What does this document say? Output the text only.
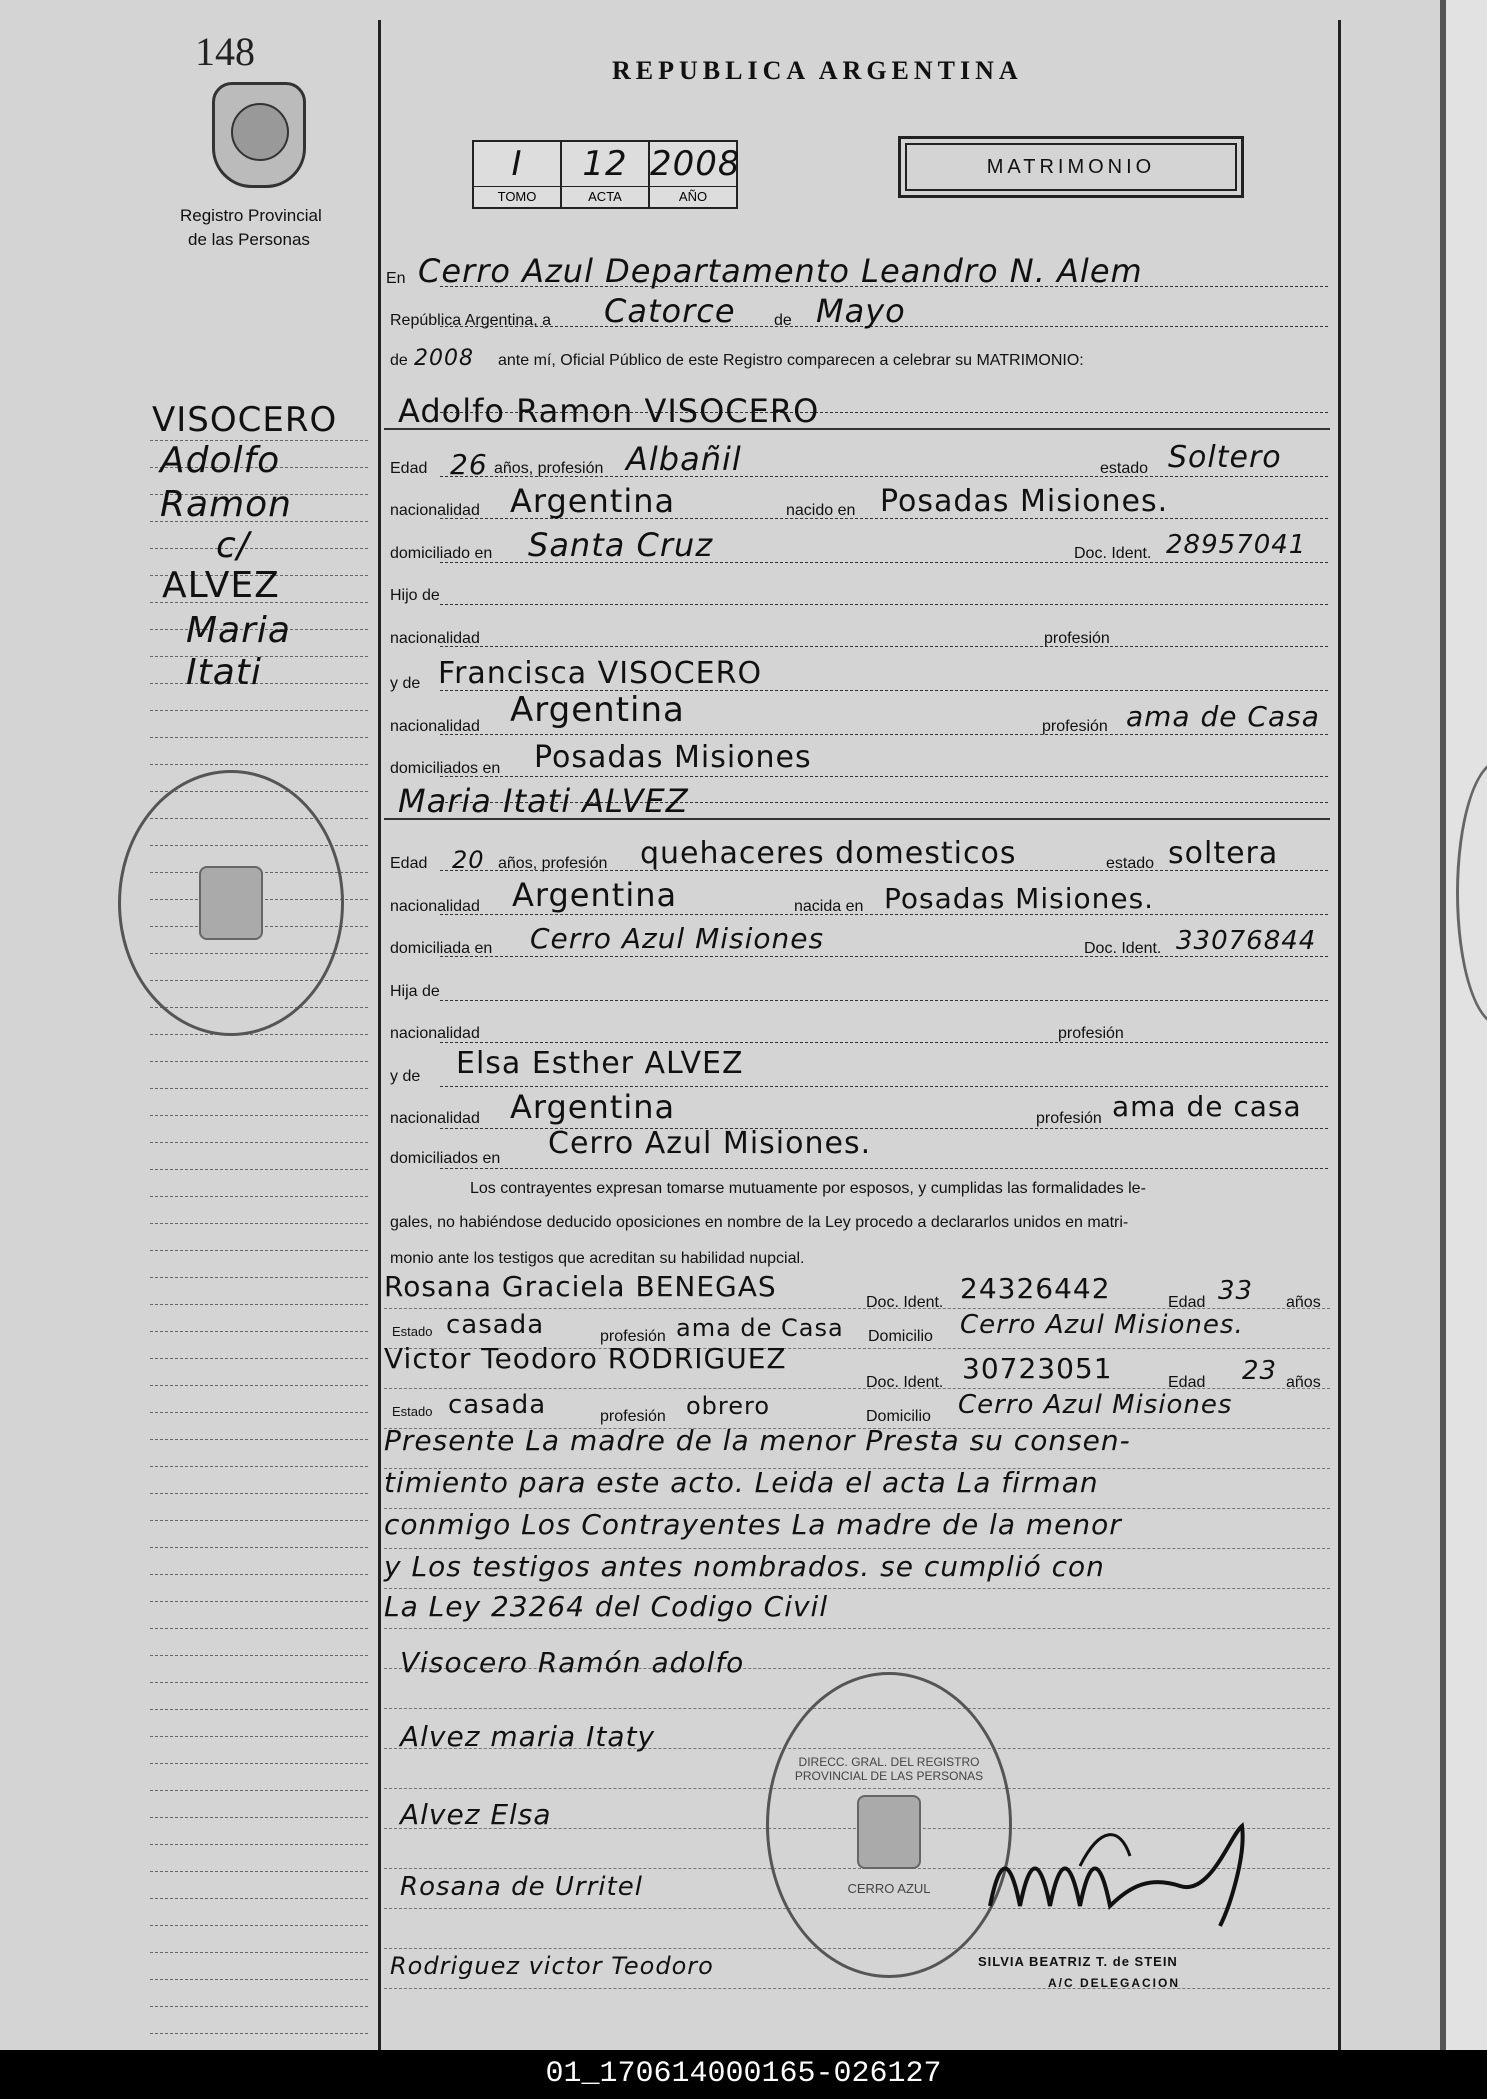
148
Registro Provincial
de las Personas
VISOCERO
Adolfo
Ramon
c/
ALVEZ
Maria
Itati
REPUBLICA ARGENTINA
I
TOMO
12
ACTA
2008
AÑO
MATRIMONIO
En Cerro Azul Departamento Leandro N. Alem
República Argentina, a Catorce de Mayo
de 2008 ante mí, Oficial Público de este Registro comparecen a celebrar su MATRIMONIO:
Adolfo Ramon VISOCERO
Edad 26 años, profesión Albañil	estado Soltero
nacionalidad Argentina	nacido en Posadas Misiones.
domiciliado en Santa Cruz	Doc. Ident. 28957041
Hijo de
nacionalidad	profesión
y de Francisca VISOCERO
nacionalidad Argentina	profesión ama de Casa
domiciliados en Posadas Misiones
Maria Itati ALVEZ
Edad 20 años, profesión quehaceres domesticos	estado soltera
nacionalidad Argentina	nacida en Posadas Misiones.
domiciliada en Cerro Azul Misiones	Doc. Ident. 33076844
Hija de
nacionalidad	profesión
y de Elsa Esther ALVEZ
nacionalidad Argentina	profesión ama de casa
domiciliados en Cerro Azul Misiones.
Los contrayentes expresan tomarse mutuamente por esposos, y cumplidas las formalidades le-
gales, no habiéndose deducido oposiciones en nombre de la Ley procedo a declararlos unidos en matri-
monio ante los testigos que acreditan su habilidad nupcial.
Rosana Graciela BENEGAS	Doc. Ident. 24326442	Edad 33 años
Estado casada	profesión ama de Casa Domicilio Cerro Azul Misiones.
Victor Teodoro RODRIGUEZ
Doc. Ident. 30723051	Edad 23 años
Estado casada	profesión obrero	Domicilio Cerro Azul Misiones
Presente La madre de la menor Presta su consen-
timiento para este acto. Leida el acta La firman
conmigo Los Contrayentes La madre de la menor
y Los testigos antes nombrados. se cumplió con
La Ley 23264 del Codigo Civil
Visocero Ramón adolfo
Alvez maria Itaty
Alvez Elsa
Rosana de Urritel
Rodriguez victor Teodoro
DIRECC. GRAL. DEL REGISTRO PROVINCIAL DE LAS PERSONAS
CERRO AZUL
SILVIA BEATRIZ T. de STEIN
A/C DELEGACION
01_170614000165-026127
